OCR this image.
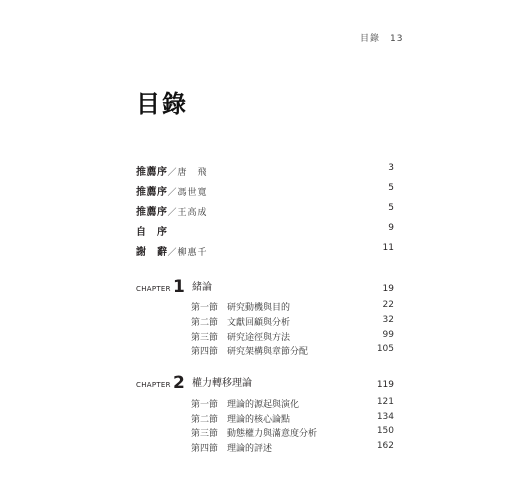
目錄 13
目錄
推薦序／唐　飛	3
推薦序／馮世寬	5
推薦序／王高成	5
自　序	9
謝　辭／柳惠千	11
CHAPTER 1 緒論	19
第一節 研究動機與目的	22
第二節 文獻回顧與分析	32
第三節 研究途徑與方法	99
第四節 研究架構與章節分配	105
CHAPTER 2 權力轉移理論	119
第一節 理論的源起與演化	121
第二節 理論的核心論點	134
第三節 動態權力與滿意度分析	150
第四節 理論的評述	162
